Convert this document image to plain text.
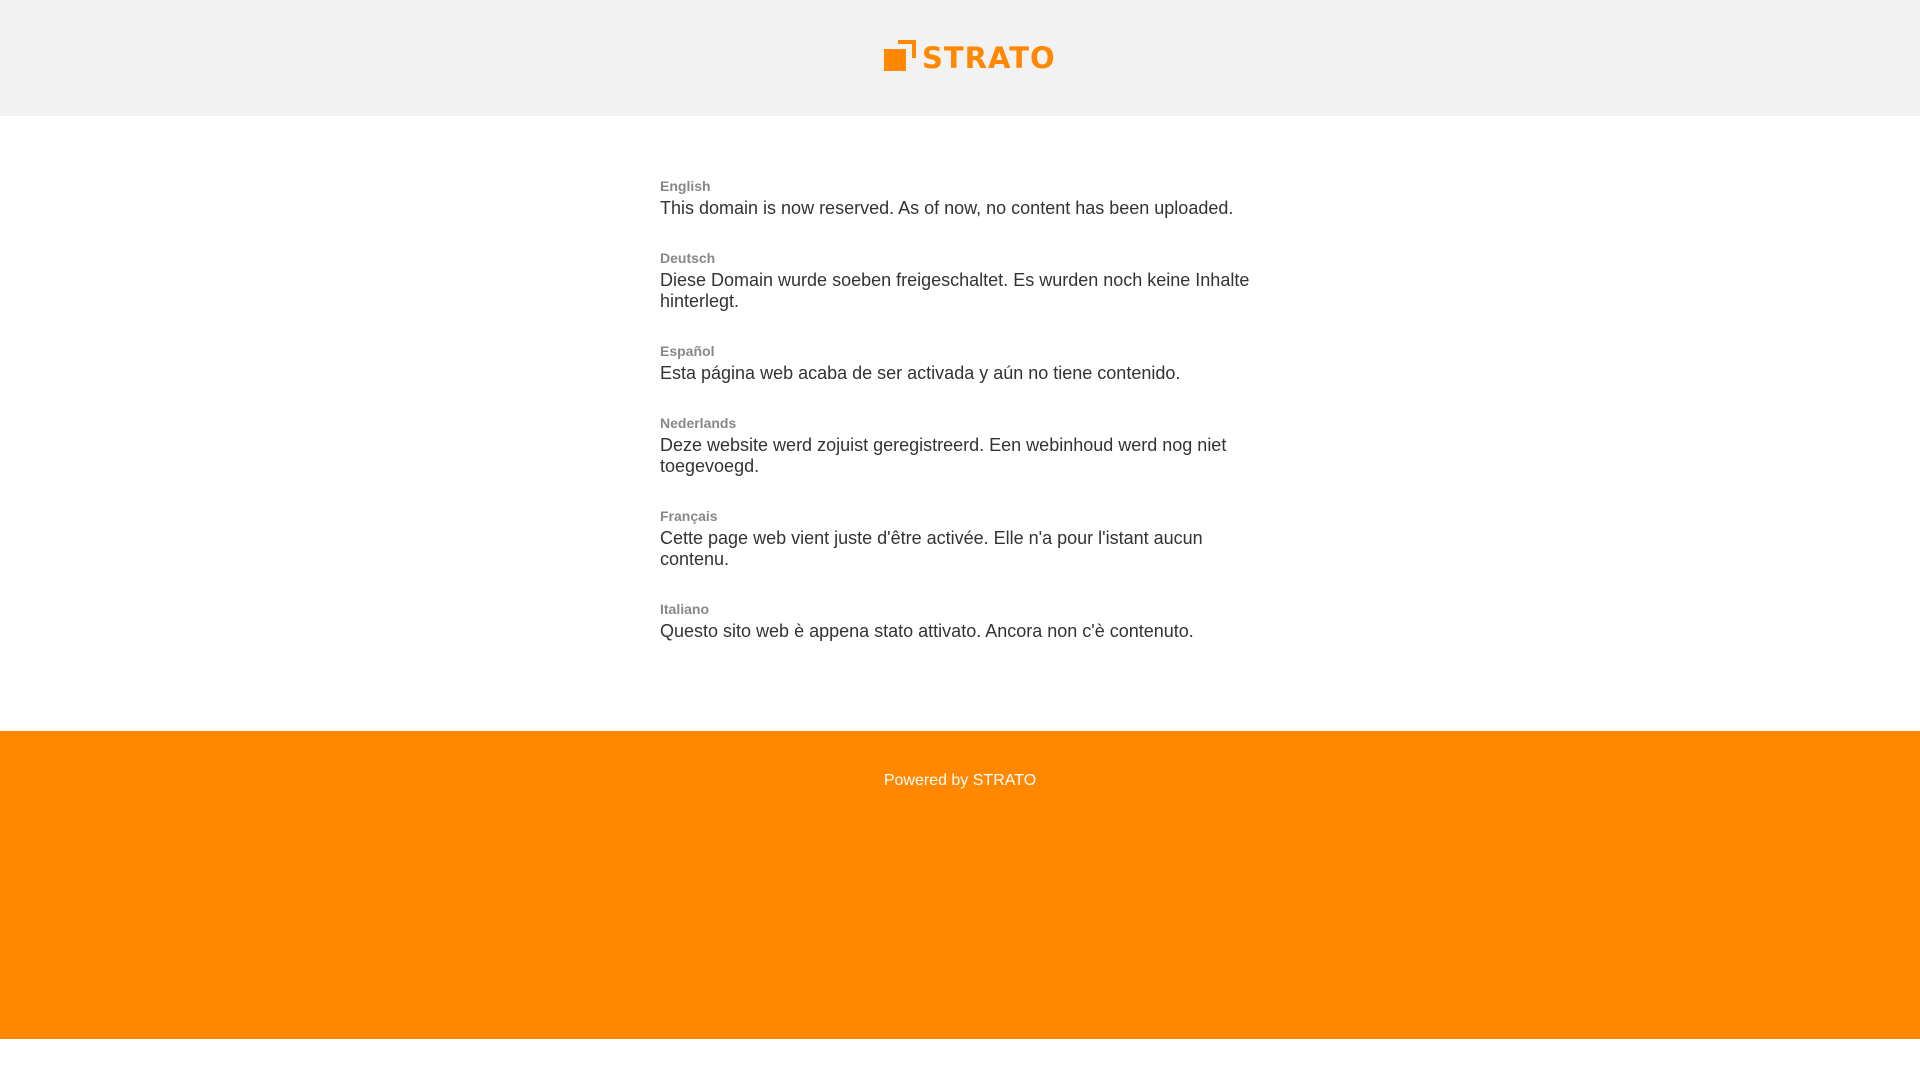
STRATO
English
This domain is now reserved. As of now, no content has been uploaded.
Deutsch
Diese Domain wurde soeben freigeschaltet. Es wurden noch keine Inhalte hinterlegt.
Español
Esta página web acaba de ser activada y aún no tiene contenido.
Nederlands
Deze website werd zojuist geregistreerd. Een webinhoud werd nog niet toegevoegd.
Français
Cette page web vient juste d'être activée. Elle n'a pour l'istant aucun contenu.
Italiano
Questo sito web è appena stato attivato. Ancora non c'è contenuto.
Powered by STRATO
